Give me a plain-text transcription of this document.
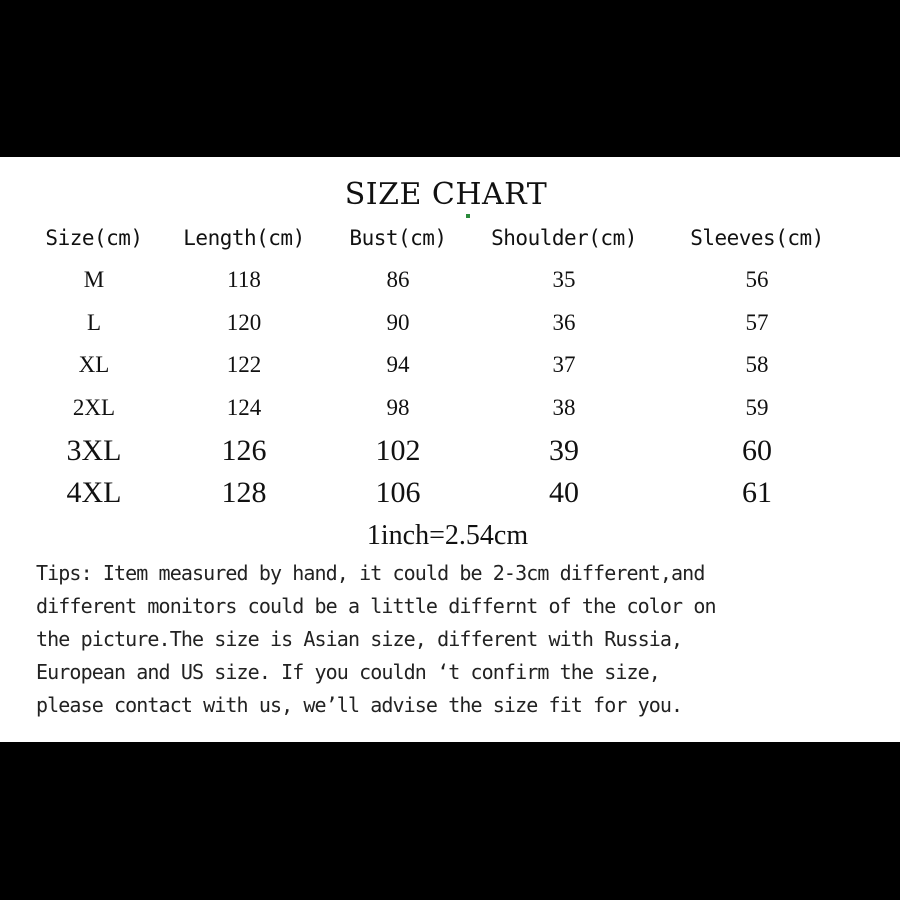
SIZE CHART
Size(cm)	Length(cm)	Bust(cm)	Shoulder(cm)	Sleeves(cm)
M	118	86	35	56
L	120	90	36	57
XL	122	94	37	58
2XL	124	98	38	59
3XL	126	102	39	60
4XL	128	106	40	61
1inch=2.54cm
Tips: Item measured by hand, it could be 2-3cm different,and
different monitors could be a little differnt of the color on
the picture.The size is Asian size, different with Russia,
European and US size. If you couldn ‘t confirm the size,
please contact with us, we’ll advise the size fit for you.
